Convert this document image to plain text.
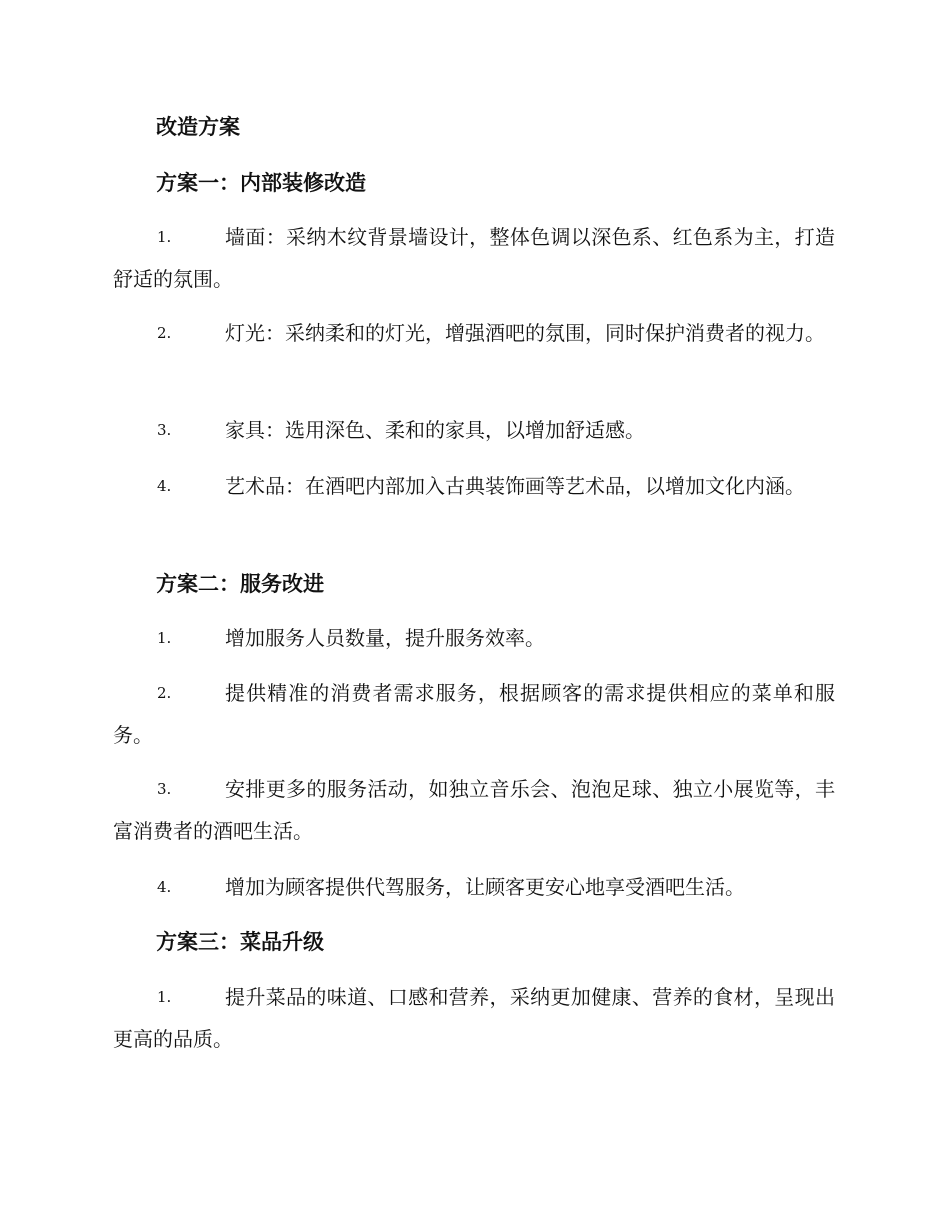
改造方案
方案一：内部装修改造
1.	墙面：采纳木纹背景墙设计，整体色调以深色系、红色系为主，打造舒适的氛围。
2.	灯光：采纳柔和的灯光，增强酒吧的氛围，同时保护消费者的视力。
3.	家具：选用深色、柔和的家具，以增加舒适感。
4.	艺术品：在酒吧内部加入古典装饰画等艺术品，以增加文化内涵。
方案二：服务改进
1.	增加服务人员数量，提升服务效率。
2.	提供精准的消费者需求服务，根据顾客的需求提供相应的菜单和服务。
3.	安排更多的服务活动，如独立音乐会、泡泡足球、独立小展览等，丰富消费者的酒吧生活。
4.	增加为顾客提供代驾服务，让顾客更安心地享受酒吧生活。
方案三：菜品升级
1.	提升菜品的味道、口感和营养，采纳更加健康、营养的食材，呈现出更高的品质。
